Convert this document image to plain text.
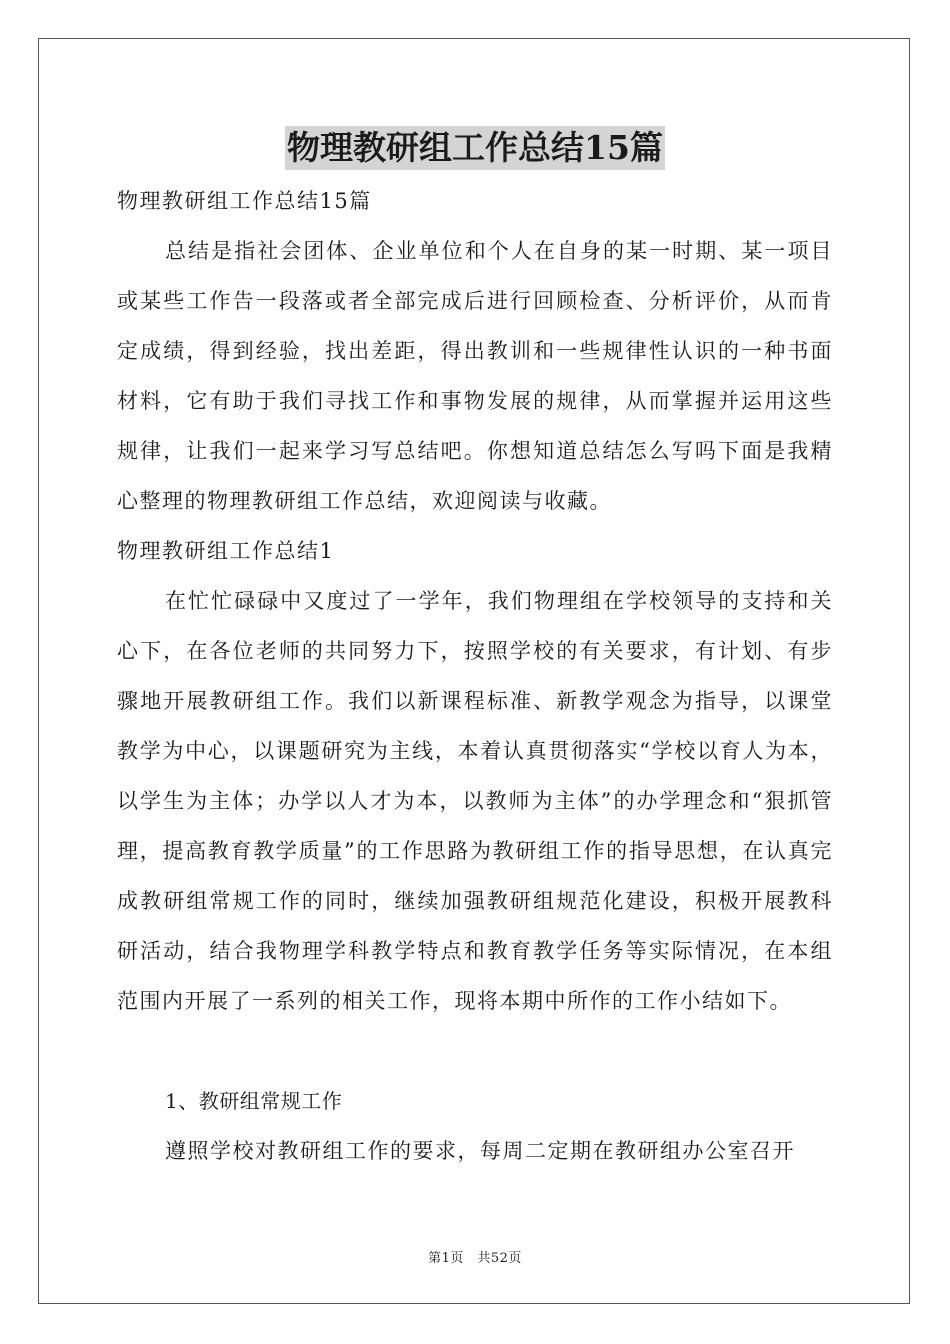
物理教研组工作总结15篇

物理教研组工作总结15篇

总结是指社会团体、企业单位和个人在自身的某一时期、某一项目或某些工作告一段落或者全部完成后进行回顾检查、分析评价，从而肯定成绩，得到经验，找出差距，得出教训和一些规律性认识的一种书面材料，它有助于我们寻找工作和事物发展的规律，从而掌握并运用这些规律，让我们一起来学习写总结吧。你想知道总结怎么写吗下面是我精心整理的物理教研组工作总结，欢迎阅读与收藏。

物理教研组工作总结1

在忙忙碌碌中又度过了一学年，我们物理组在学校领导的支持和关心下，在各位老师的共同努力下，按照学校的有关要求，有计划、有步骤地开展教研组工作。我们以新课程标准、新教学观念为指导，以课堂教学为中心，以课题研究为主线，本着认真贯彻落实“学校以育人为本，以学生为主体；办学以人才为本，以教师为主体”的办学理念和“狠抓管理，提高教育教学质量”的工作思路为教研组工作的指导思想，在认真完成教研组常规工作的同时，继续加强教研组规范化建设，积极开展教科研活动，结合我物理学科教学特点和教育教学任务等实际情况，在本组范围内开展了一系列的相关工作，现将本期中所作的工作小结如下。

1、教研组常规工作

遵照学校对教研组工作的要求，每周二定期在教研组办公室召开

第1页　共52页
